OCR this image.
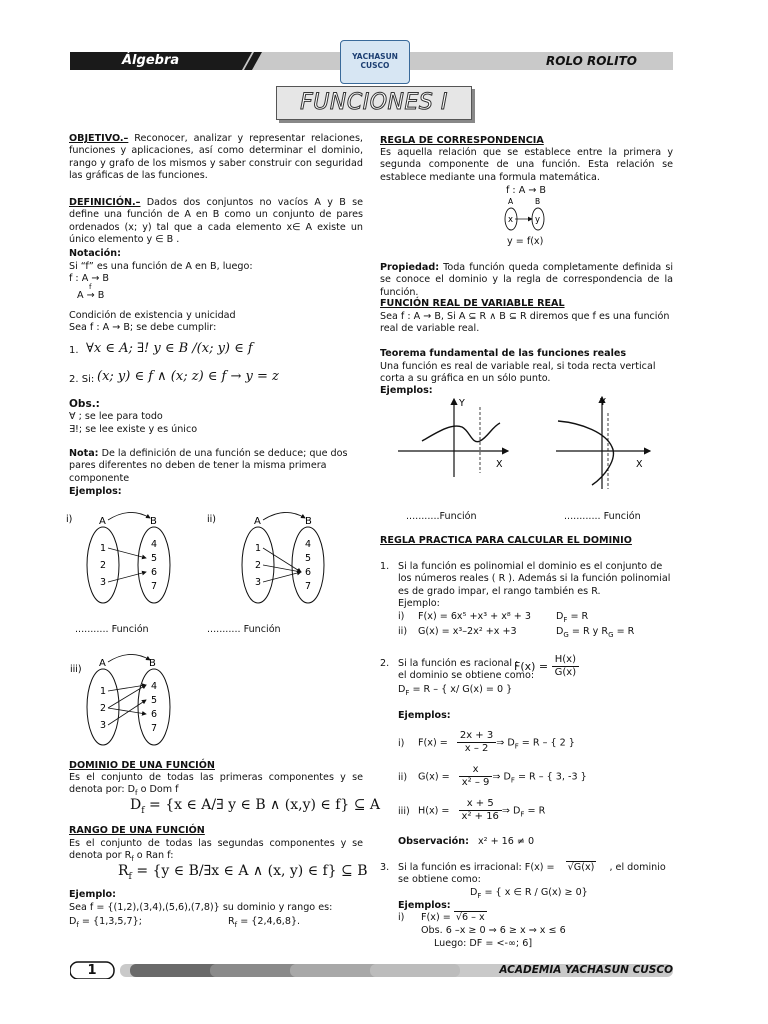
Álgebra	YACHASUN
CUSCO	ROLO ROLITO
FUNCIONES I
OBJETIVO.– Reconocer, analizar y representar relaciones, funciones y aplicaciones, así como determinar el dominio, rango y grafo de los mismos y saber construir con seguridad las gráficas de las funciones.
DEFINICIÓN.– Dados dos conjuntos no vacíos A y B se define una función de A en B como un conjunto de pares ordenados (x; y) tal que a cada elemento x∈ A existe un único elemento y ∈ B .
Notación:
Si “f” es una función de A en B, luego:
f : A → B
f
A → B
Condición de existencia y unicidad
Sea f : A → B; se debe cumplir:
1. ∀x ∈ A; ∃! y ∈ B /(x; y) ∈ f
2. Si: (x; y) ∈ f ∧ (x; z) ∈ f → y = z
Obs.:
∀ ; se lee para todo
∃!; se lee existe y es único
Nota: De la definición de una función se deduce; que dos pares diferentes no deben de tener la misma primera componente
Ejemplos:
i)	A	B
1
2
3
4
5
6
7
........... Función
ii)	A	B
1
2
3
4
5
6
7
........... Función
iii)
A	B
1
2
3
4
5
6
7
DOMINIO DE UNA FUNCIÓN
Es el conjunto de todas las primeras componentes y se denota por: $D_f$ o Dom f
$D_f = \{x$ ∈ A/∃ y ∈ B ∧ (x,y) ∈ f} ⊆ A
RANGO DE UNA FUNCIÓN
Es el conjunto de todas las segundas componentes y se denota por $R_f$ o Ran f:
$R_f = \{y$ ∈ B/∃x ∈ A ∧ (x, y) ∈ f} ⊆ B
Ejemplo:
Sea f = {(1,2),(3,4),(5,6),(7,8)} su dominio y rango es:
$D_f = \{1,3,5,7\}$;	$R_f = \{2,4,6,8\}$.
REGLA DE CORRESPONDENCIA
Es aquella relación que se establece entre la primera y segunda componente de una función. Esta relación se establece mediante una formula matemática.
f : A → B
A	B
x	y
y = f(x)
Propiedad: Toda función queda completamente definida si se conoce el dominio y la regla de correspondencia de la función.
FUNCIÓN REAL DE VARIABLE REAL
Sea f : A → B, Si A ⊆ R ∧ B ⊆ R diremos que f es una función real de variable real.
Teorema fundamental de las funciones reales
Una función es real de variable real, si toda recta vertical corta a su gráfica en un sólo punto.
Ejemplos:
Y
X
...........Función
Y
X
............ Función
REGLA PRACTICA PARA CALCULAR EL DOMINIO
1. Si la función es polinomial el dominio es el conjunto de los números reales ( R ). Además si la función polinomial es de grado impar, el rango también es R.
Ejemplo:
i) F(x) = 6x⁵ +x³ + x⁸ + 3	$D_F = R$
ii) G(x) = x³–2x² +x +3	$D_G = R$ y $R_G = R$
2. Si la función es racional :
$F(x) = \frac{H(x)}{G(x)}$
el dominio se obtiene como:
$D_F = R$ – { x/ G(x) = 0 }
Ejemplos:
i) $F(x) = \frac{2x + 3}{x - 2}$ ⇒ $D_F = R$ – { 2 }
ii) $G(x) = \frac{x}{\text{x² – 9}}$ ⇒ $D_F = R$ – { 3, -3 }
iii) $H(x) = \frac{x + 5}{\text{x² + 16}}$ ⇒ $D_F = R$
Observación: x² + 16 ≠ 0
3. Si la función es irracional: F(x) = √G(x) , el dominio se obtiene como:
$D_F$ = { x ∈ R / G(x) ≥ 0}
Ejemplos:
i) F(x) = √6 – x
Obs. 6 –x ≥ 0 ⇒ 6 ≥ x ⇒ x ≤ 6
Luego: DF = <-∞; 6]
1	ACADEMIA YACHASUN CUSCO
